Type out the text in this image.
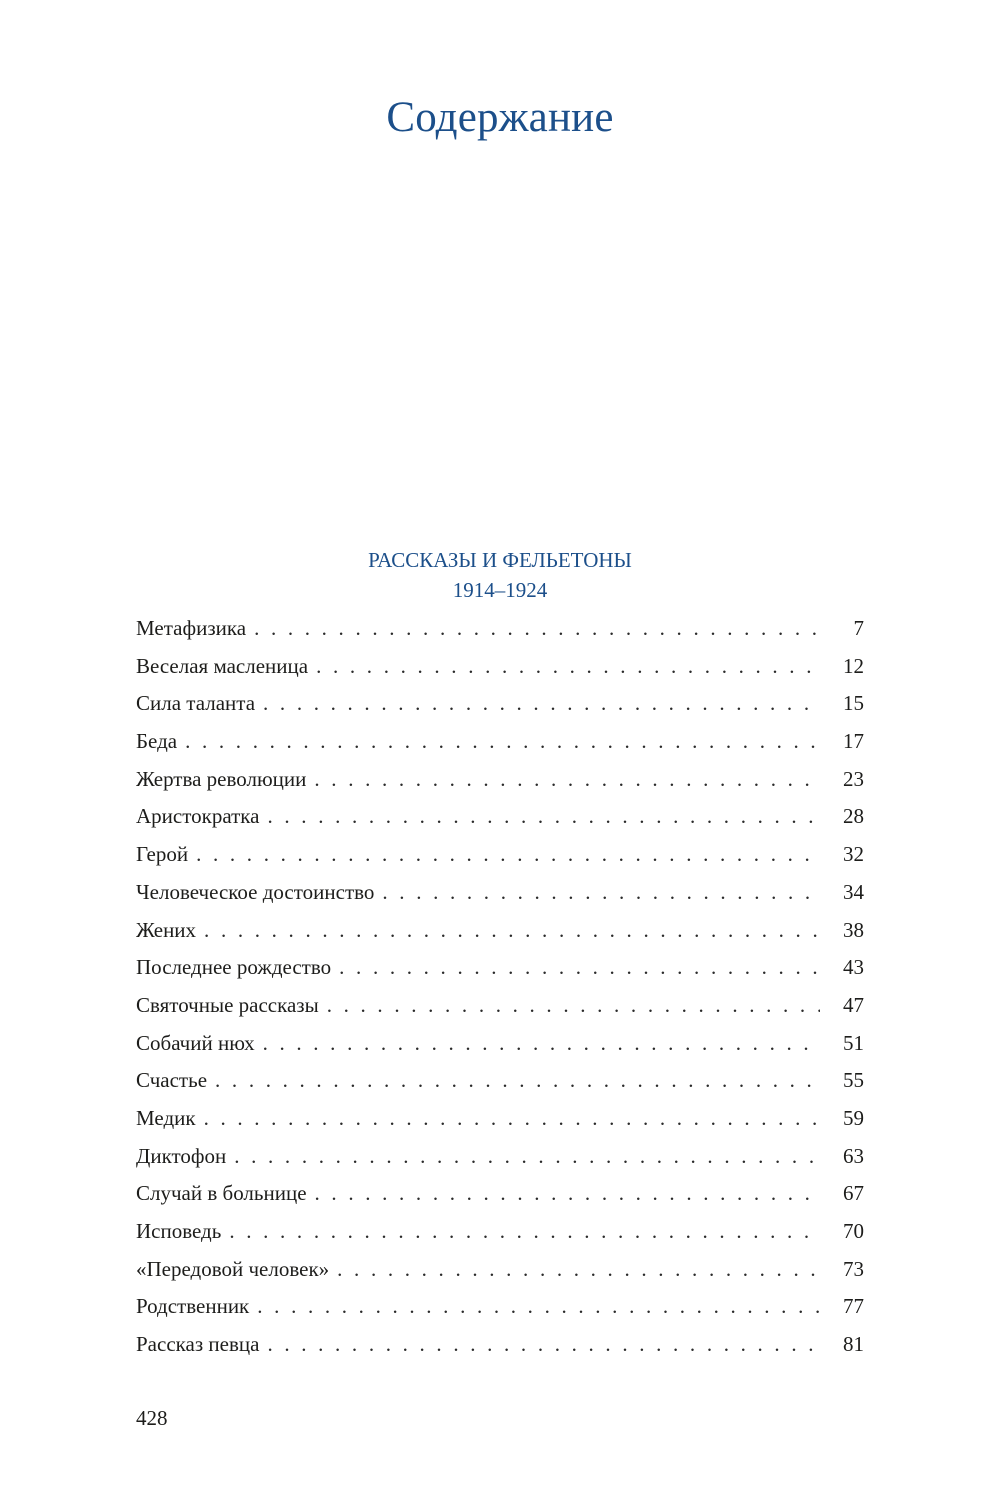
Содержание
РАССКАЗЫ И ФЕЛЬЕТОНЫ
1914–1924
Метафизика . . .	7
Веселая масленица . . .	12
Сила таланта . . .	15
Беда . . .	17
Жертва революции . . .	23
Аристократка . . .	28
Герой . . .	32
Человеческое достоинство . . .	34
Жених . . .	38
Последнее рождество . . .	43
Святочные рассказы . . .	47
Собачий нюх . . .	51
Счастье . . .	55
Медик . . .	59
Диктофон . . .	63
Случай в больнице . . .	67
Исповедь . . .	70
«Передовой человек» . . .	73
Родственник . . .	77
Рассказ певца . . .	81
428
